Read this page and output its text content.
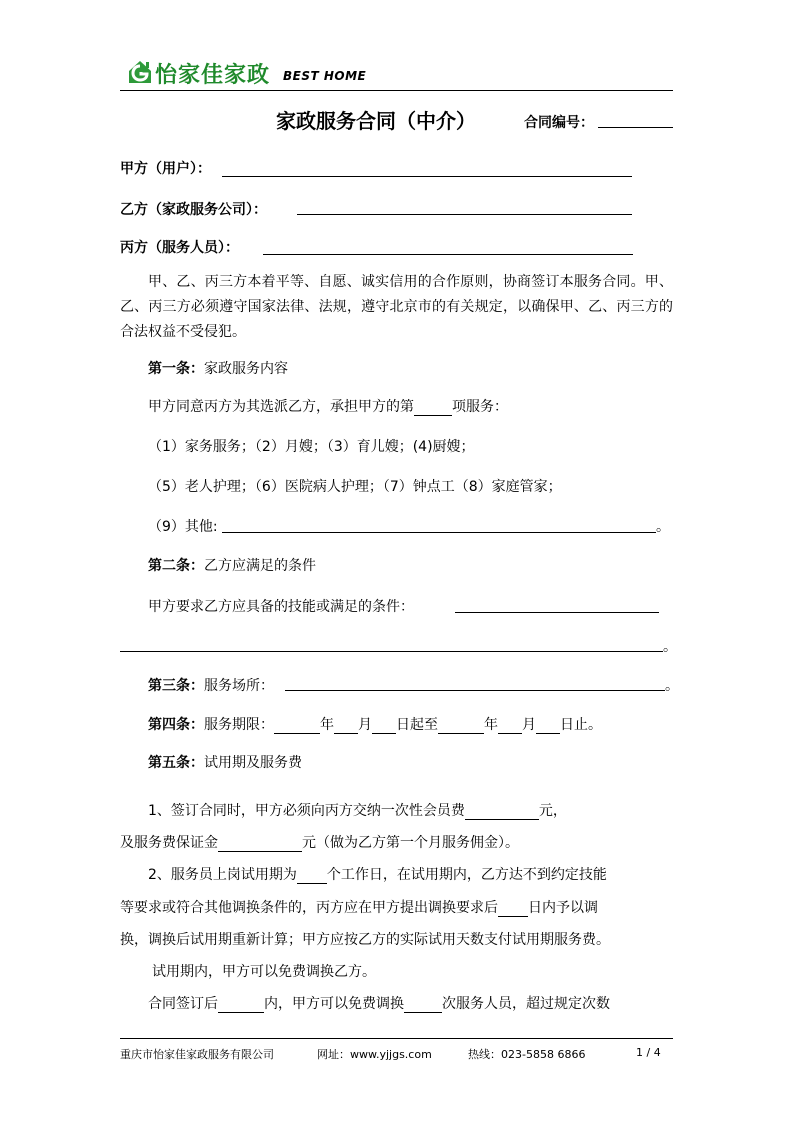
怡家佳家政 BEST HOME
家政服务合同（中介）	合同编号：
甲方（用户）：
乙方（家政服务公司）：
丙方（服务人员）：
甲、乙、丙三方本着平等、自愿、诚实信用的合作原则，协商签订本服务合同。甲、乙、丙三方必须遵守国家法律、法规，遵守北京市的有关规定，以确保甲、乙、丙三方的合法权益不受侵犯。
第一条：家政服务内容
甲方同意丙方为其选派乙方，承担甲方的第	项服务：
（1）家务服务；（2）月嫂；（3）育儿嫂；(4)厨嫂；
（5）老人护理；（6）医院病人护理；（7）钟点工（8）家庭管家；
（9）其他:	。
第二条：乙方应满足的条件
甲方要求乙方应具备的技能或满足的条件：
。
第三条：服务场所：	。
第四条：服务期限：	年 月 日起至	年 月 日止。
第五条：试用期及服务费
1、签订合同时，甲方必须向丙方交纳一次性会员费	元，
及服务费保证金	元（做为乙方第一个月服务佣金）。
2、服务员上岗试用期为 个工作日，在试用期内，乙方达不到约定技能
等要求或符合其他调换条件的，丙方应在甲方提出调换要求后 日内予以调
换，调换后试用期重新计算；甲方应按乙方的实际试用天数支付试用期服务费。
试用期内，甲方可以免费调换乙方。
合同签订后	内，甲方可以免费调换	次服务人员，超过规定次数
重庆市怡家佳家政服务有限公司	网址：www.yjjgs.com	热线：023-5858 6866	1 / 4
